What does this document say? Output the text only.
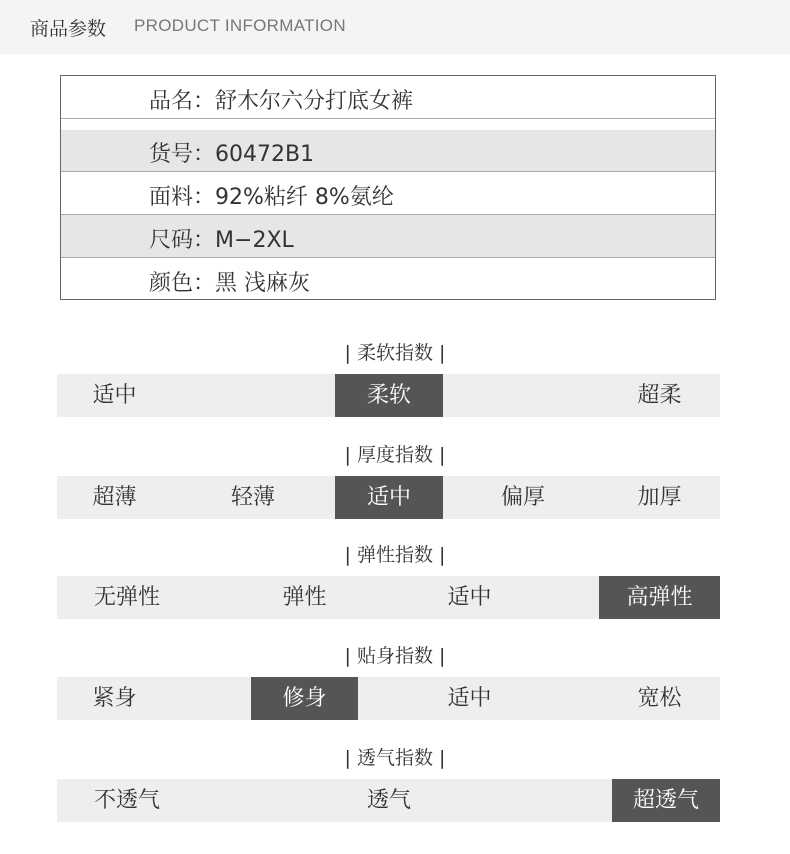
商品参数 PRODUCT INFORMATION
品名：舒木尔六分打底女裤
货号：60472B1
面料：92%粘纤 8%氨纶
尺码：M−2XL
颜色：黑 浅麻灰
| 柔软指数 |
适中	柔软	超柔
| 厚度指数 |
超薄	轻薄	适中	偏厚	加厚
| 弹性指数 |
无弹性	弹性	适中	高弹性
| 贴身指数 |
紧身	修身	适中	宽松
| 透气指数 |
不透气	透气	超透气
